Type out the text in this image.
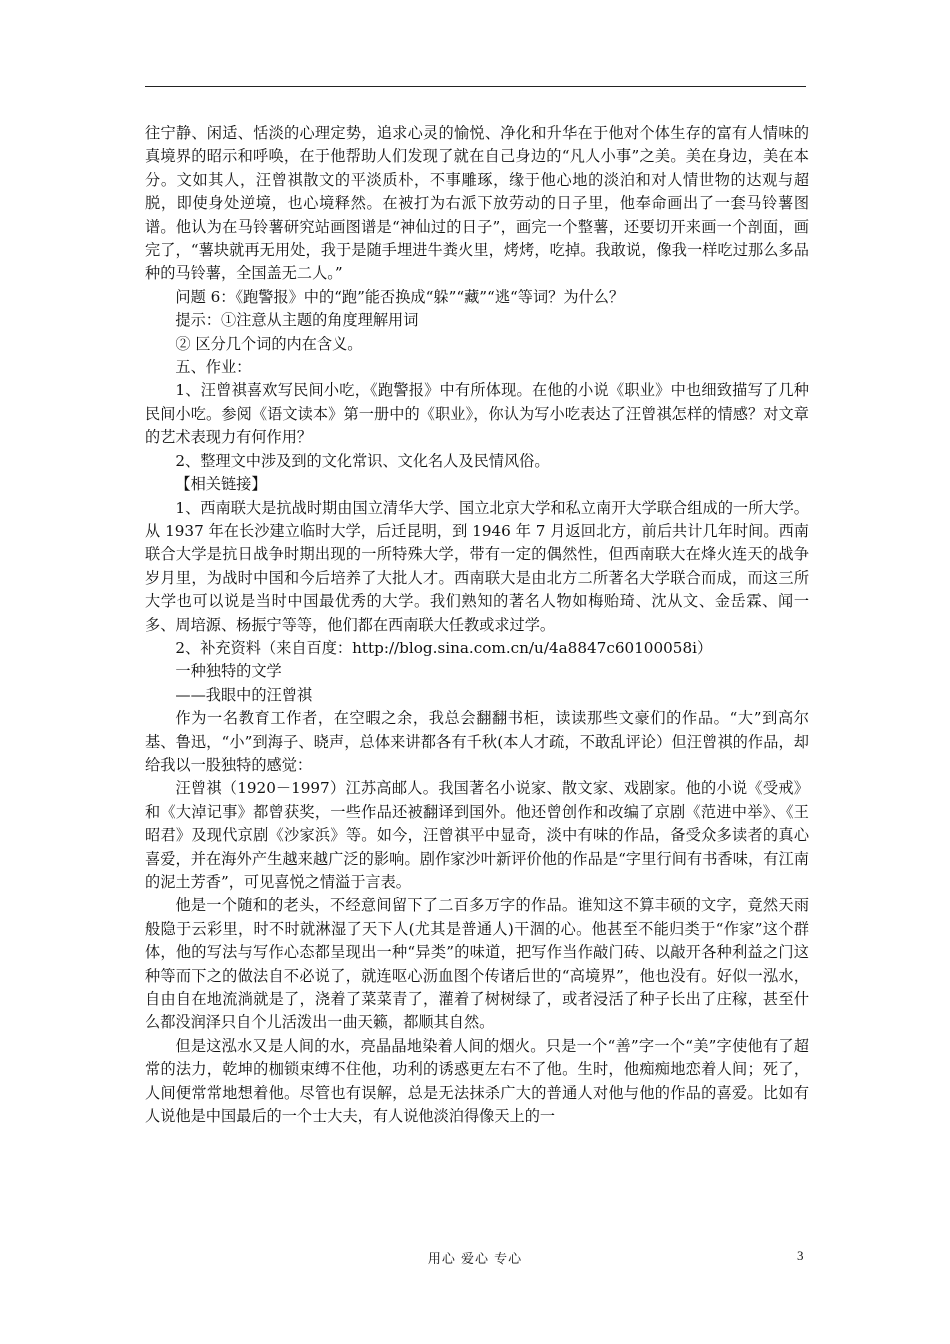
往宁静、闲适、恬淡的心理定势，追求心灵的愉悦、净化和升华在于他对个体生存的富有人情味的真境界的昭示和呼唤，在于他帮助人们发现了就在自己身边的“凡人小事”之美。美在身边，美在本分。文如其人，汪曾祺散文的平淡质朴，不事雕琢，缘于他心地的淡泊和对人情世物的达观与超脱，即使身处逆境，也心境释然。在被打为右派下放劳动的日子里，他奉命画出了一套马铃薯图谱。他认为在马铃薯研究站画图谱是“神仙过的日子”，画完一个整薯，还要切开来画一个剖面，画完了，“薯块就再无用处，我于是随手埋进牛粪火里，烤烤，吃掉。我敢说，像我一样吃过那么多品种的马铃薯，全国盖无二人。”

问题 6：《跑警报》中的“跑”能否换成“躲”“藏”“逃“等词？为什么？

提示：①注意从主题的角度理解用词

② 区分几个词的内在含义。

五、作业：

1、汪曾祺喜欢写民间小吃，《跑警报》中有所体现。在他的小说《职业》中也细致描写了几种民间小吃。参阅《语文读本》第一册中的《职业》，你认为写小吃表达了汪曾祺怎样的情感？对文章的艺术表现力有何作用？

2、整理文中涉及到的文化常识、文化名人及民情风俗。

【相关链接】

1、西南联大是抗战时期由国立清华大学、国立北京大学和私立南开大学联合组成的一所大学。从 1937 年在长沙建立临时大学，后迁昆明，到 1946 年 7 月返回北方，前后共计几年时间。西南联合大学是抗日战争时期出现的一所特殊大学，带有一定的偶然性，但西南联大在烽火连天的战争岁月里，为战时中国和今后培养了大批人才。西南联大是由北方二所著名大学联合而成，而这三所大学也可以说是当时中国最优秀的大学。我们熟知的著名人物如梅贻琦、沈从文、金岳霖、闻一多、周培源、杨振宁等等，他们都在西南联大任教或求过学。

2、补充资料（来自百度：http://blog.sina.com.cn/u/4a8847c60100058i）

一种独特的文学

——我眼中的汪曾祺

作为一名教育工作者，在空暇之余，我总会翻翻书柜，读读那些文豪们的作品。“大”到高尔基、鲁迅，“小”到海子、晓声，总体来讲都各有千秋(本人才疏，不敢乱评论）但汪曾祺的作品，却给我以一股独特的感觉：

汪曾祺（1920－1997）江苏高邮人。我国著名小说家、散文家、戏剧家。他的小说《受戒》和《大淖记事》都曾获奖，一些作品还被翻译到国外。他还曾创作和改编了京剧《范进中举》、《王昭君》及现代京剧《沙家浜》等。如今，汪曾祺平中显奇，淡中有味的作品，备受众多读者的真心喜爱，并在海外产生越来越广泛的影响。剧作家沙叶新评价他的作品是“字里行间有书香味，有江南的泥土芳香”，可见喜悦之情溢于言表。

他是一个随和的老头，不经意间留下了二百多万字的作品。谁知这不算丰硕的文字，竟然天雨般隐于云彩里，时不时就淋湿了天下人(尤其是普通人)干涸的心。他甚至不能归类于“作家”这个群体，他的写法与写作心态都呈现出一种“异类”的味道，把写作当作敲门砖、以敲开各种利益之门这种等而下之的做法自不必说了，就连呕心沥血图个传诸后世的“高境界”，他也没有。好似一泓水，自由自在地流淌就是了，浇着了菜菜青了，灌着了树树绿了，或者浸活了种子长出了庄稼，甚至什么都没润泽只自个儿活泼出一曲天籁，都顺其自然。

但是这泓水又是人间的水，亮晶晶地染着人间的烟火。只是一个“善”字一个“美”字使他有了超常的法力，乾坤的枷锁束缚不住他，功利的诱惑更左右不了他。生时，他痴痴地恋着人间；死了，人间便常常地想着他。尽管也有误解，总是无法抹杀广大的普通人对他与他的作品的喜爱。比如有人说他是中国最后的一个士大夫，有人说他淡泊得像天上的一

用心 爱心 专心	3
